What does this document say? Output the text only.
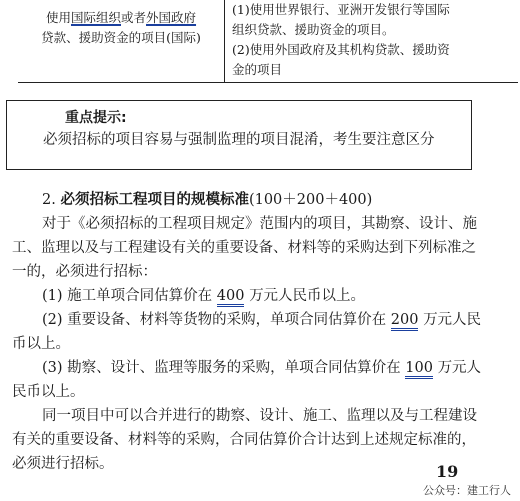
使用国际组织或者外国政府
贷款、援助资金的项目(国际)
(1)使用世界银行、亚洲开发银行等国际
组织贷款、援助资金的项目。
(2)使用外国政府及其机构贷款、援助资
金的项目
重点提示:
必须招标的项目容易与强制监理的项目混淆，考生要注意区分
2. 必须招标工程项目的规模标准(100＋200＋400)
对于《必须招标的工程项目规定》范围内的项目，其勘察、设计、施工、监理以及与工程建设有关的重要设备、材料等的采购达到下列标准之一的，必须进行招标：
(1) 施工单项合同估算价在 400 万元人民币以上。
(2) 重要设备、材料等货物的采购，单项合同估算价在 200 万元人民币以上。
(3) 勘察、设计、监理等服务的采购，单项合同估算价在 100 万元人民币以上。
同一项目中可以合并进行的勘察、设计、施工、监理以及与工程建设有关的重要设备、材料等的采购，合同估算价合计达到上述规定标准的，必须进行招标。	19
公众号：建工行人
